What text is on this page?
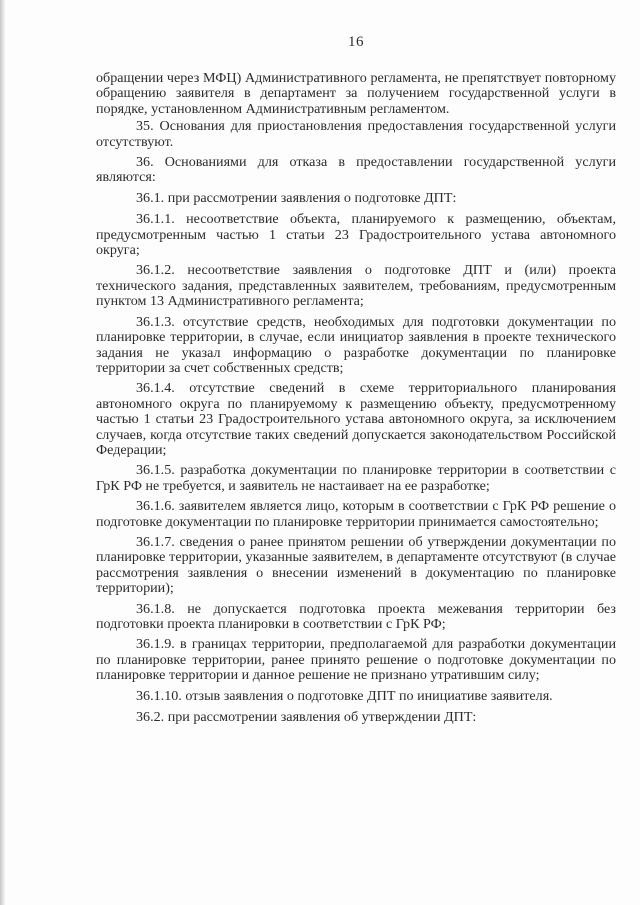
16

обращении через МФЦ) Административного регламента, не препятствует повторному обращению заявителя в департамент за получением государственной услуги в порядке, установленном Административным регламентом.

35. Основания для приостановления предоставления государственной услуги отсутствуют.

36. Основаниями для отказа в предоставлении государственной услуги являются:

36.1. при рассмотрении заявления о подготовке ДПТ:

36.1.1. несоответствие объекта, планируемого к размещению, объектам, предусмотренным частью 1 статьи 23 Градостроительного устава автономного округа;

36.1.2. несоответствие заявления о подготовке ДПТ и (или) проекта технического задания, представленных заявителем, требованиям, предусмотренным пунктом 13 Административного регламента;

36.1.3. отсутствие средств, необходимых для подготовки документации по планировке территории, в случае, если инициатор заявления в проекте технического задания не указал информацию о разработке документации по планировке территории за счет собственных средств;

36.1.4. отсутствие сведений в схеме территориального планирования автономного округа по планируемому к размещению объекту, предусмотренному частью 1 статьи 23 Градостроительного устава автономного округа, за исключением случаев, когда отсутствие таких сведений допускается законодательством Российской Федерации;

36.1.5. разработка документации по планировке территории в соответствии с ГрК РФ не требуется, и заявитель не настаивает на ее разработке;

36.1.6. заявителем является лицо, которым в соответствии с ГрК РФ решение о подготовке документации по планировке территории принимается самостоятельно;

36.1.7. сведения о ранее принятом решении об утверждении документации по планировке территории, указанные заявителем, в департаменте отсутствуют (в случае рассмотрения заявления о внесении изменений в документацию по планировке территории);

36.1.8. не допускается подготовка проекта межевания территории без подготовки проекта планировки в соответствии с ГрК РФ;

36.1.9. в границах территории, предполагаемой для разработки документации по планировке территории, ранее принято решение о подготовке документации по планировке территории и данное решение не признано утратившим силу;

36.1.10. отзыв заявления о подготовке ДПТ по инициативе заявителя.

36.2. при рассмотрении заявления об утверждении ДПТ:
